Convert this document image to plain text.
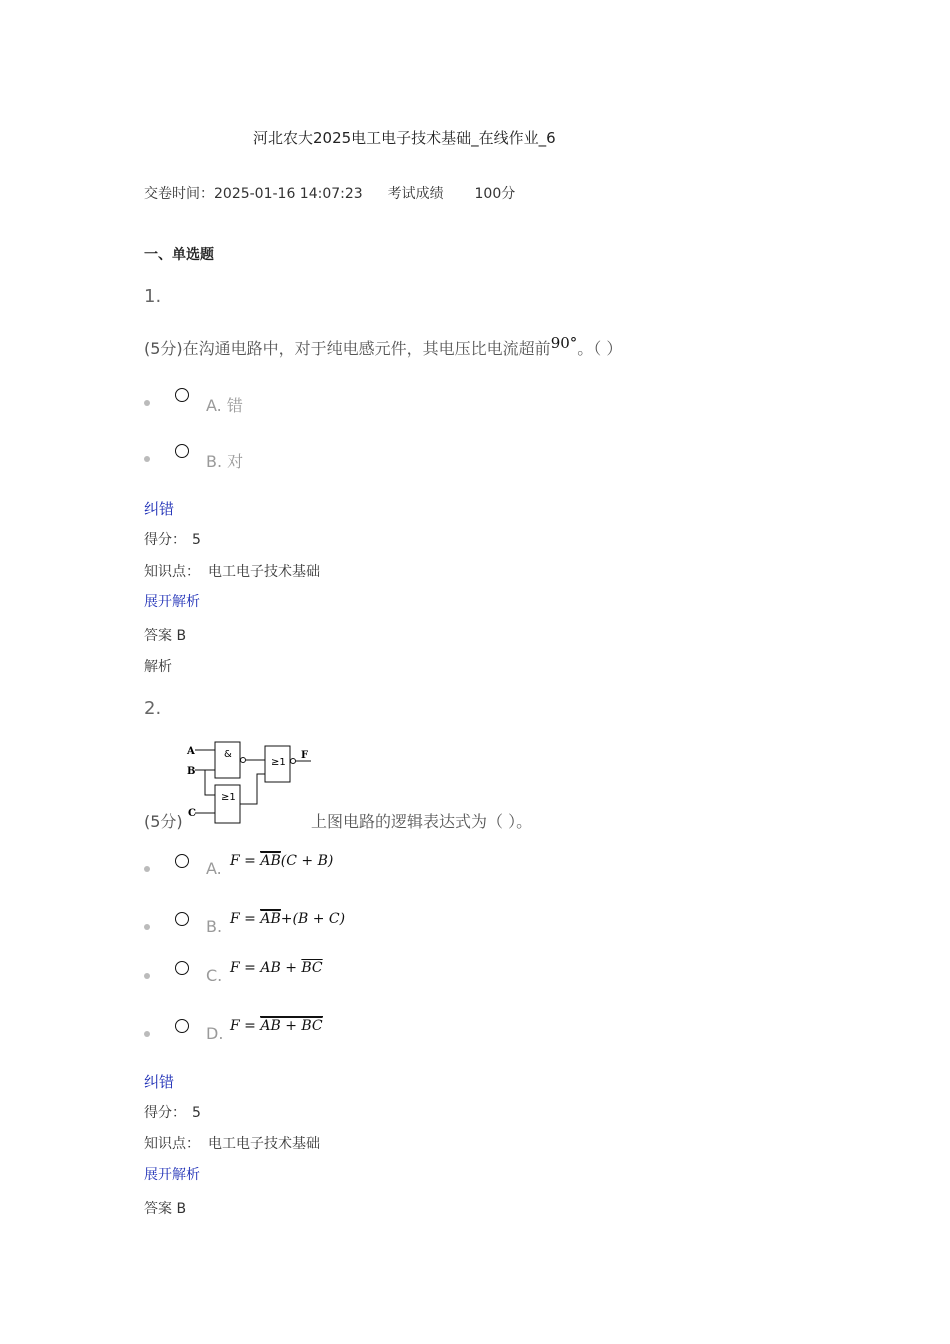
河北农大2025电工电子技术基础_在线作业_6
交卷时间：2025-01-16 14:07:23 考试成绩 100分
一、单选题
1.
(5分)在沟通电路中，对于纯电感元件，其电压比电流超前90°。（ ）
A. 错
B. 对
纠错
得分： 5
知识点： 电工电子技术基础
展开解析
答案 B
解析
2.
A
B
C
F
&
≥1
≥1
(5分)	上图电路的逻辑表达式为（ ）。
A. $F = \overline{AB}(C + B)$
B. $F = \overline{AB}+(B + C)$
C. F = AB + $\overline{BC}$
D. F = AB + BC
纠错
得分： 5
知识点： 电工电子技术基础
展开解析
答案 B
